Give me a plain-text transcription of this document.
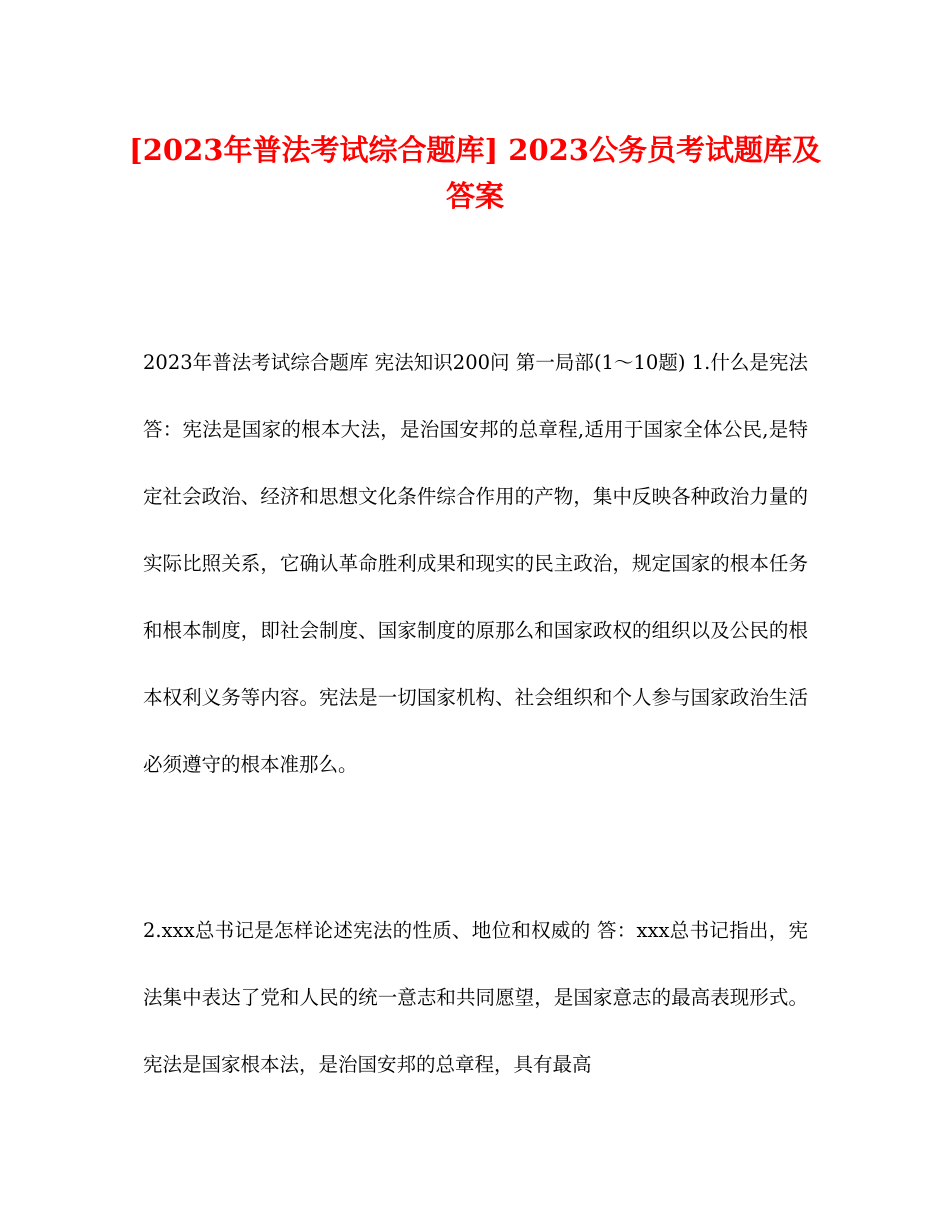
[2023年普法考试综合题库] 2023公务员考试题库及答案

2023年普法考试综合题库 宪法知识200问 第一局部(1～10题) 1.什么是宪法 答：宪法是国家的根本大法，是治国安邦的总章程,适用于国家全体公民,是特定社会政治、经济和思想文化条件综合作用的产物，集中反映各种政治力量的实际比照关系，它确认革命胜利成果和现实的民主政治，规定国家的根本任务和根本制度，即社会制度、国家制度的原那么和国家政权的组织以及公民的根本权利义务等内容。宪法是一切国家机构、社会组织和个人参与国家政治生活必须遵守的根本准那么。

2.xxx总书记是怎样论述宪法的性质、地位和权威的 答：xxx总书记指出，宪法集中表达了党和人民的统一意志和共同愿望，是国家意志的最高表现形式。宪法是国家根本法，是治国安邦的总章程，具有最高
